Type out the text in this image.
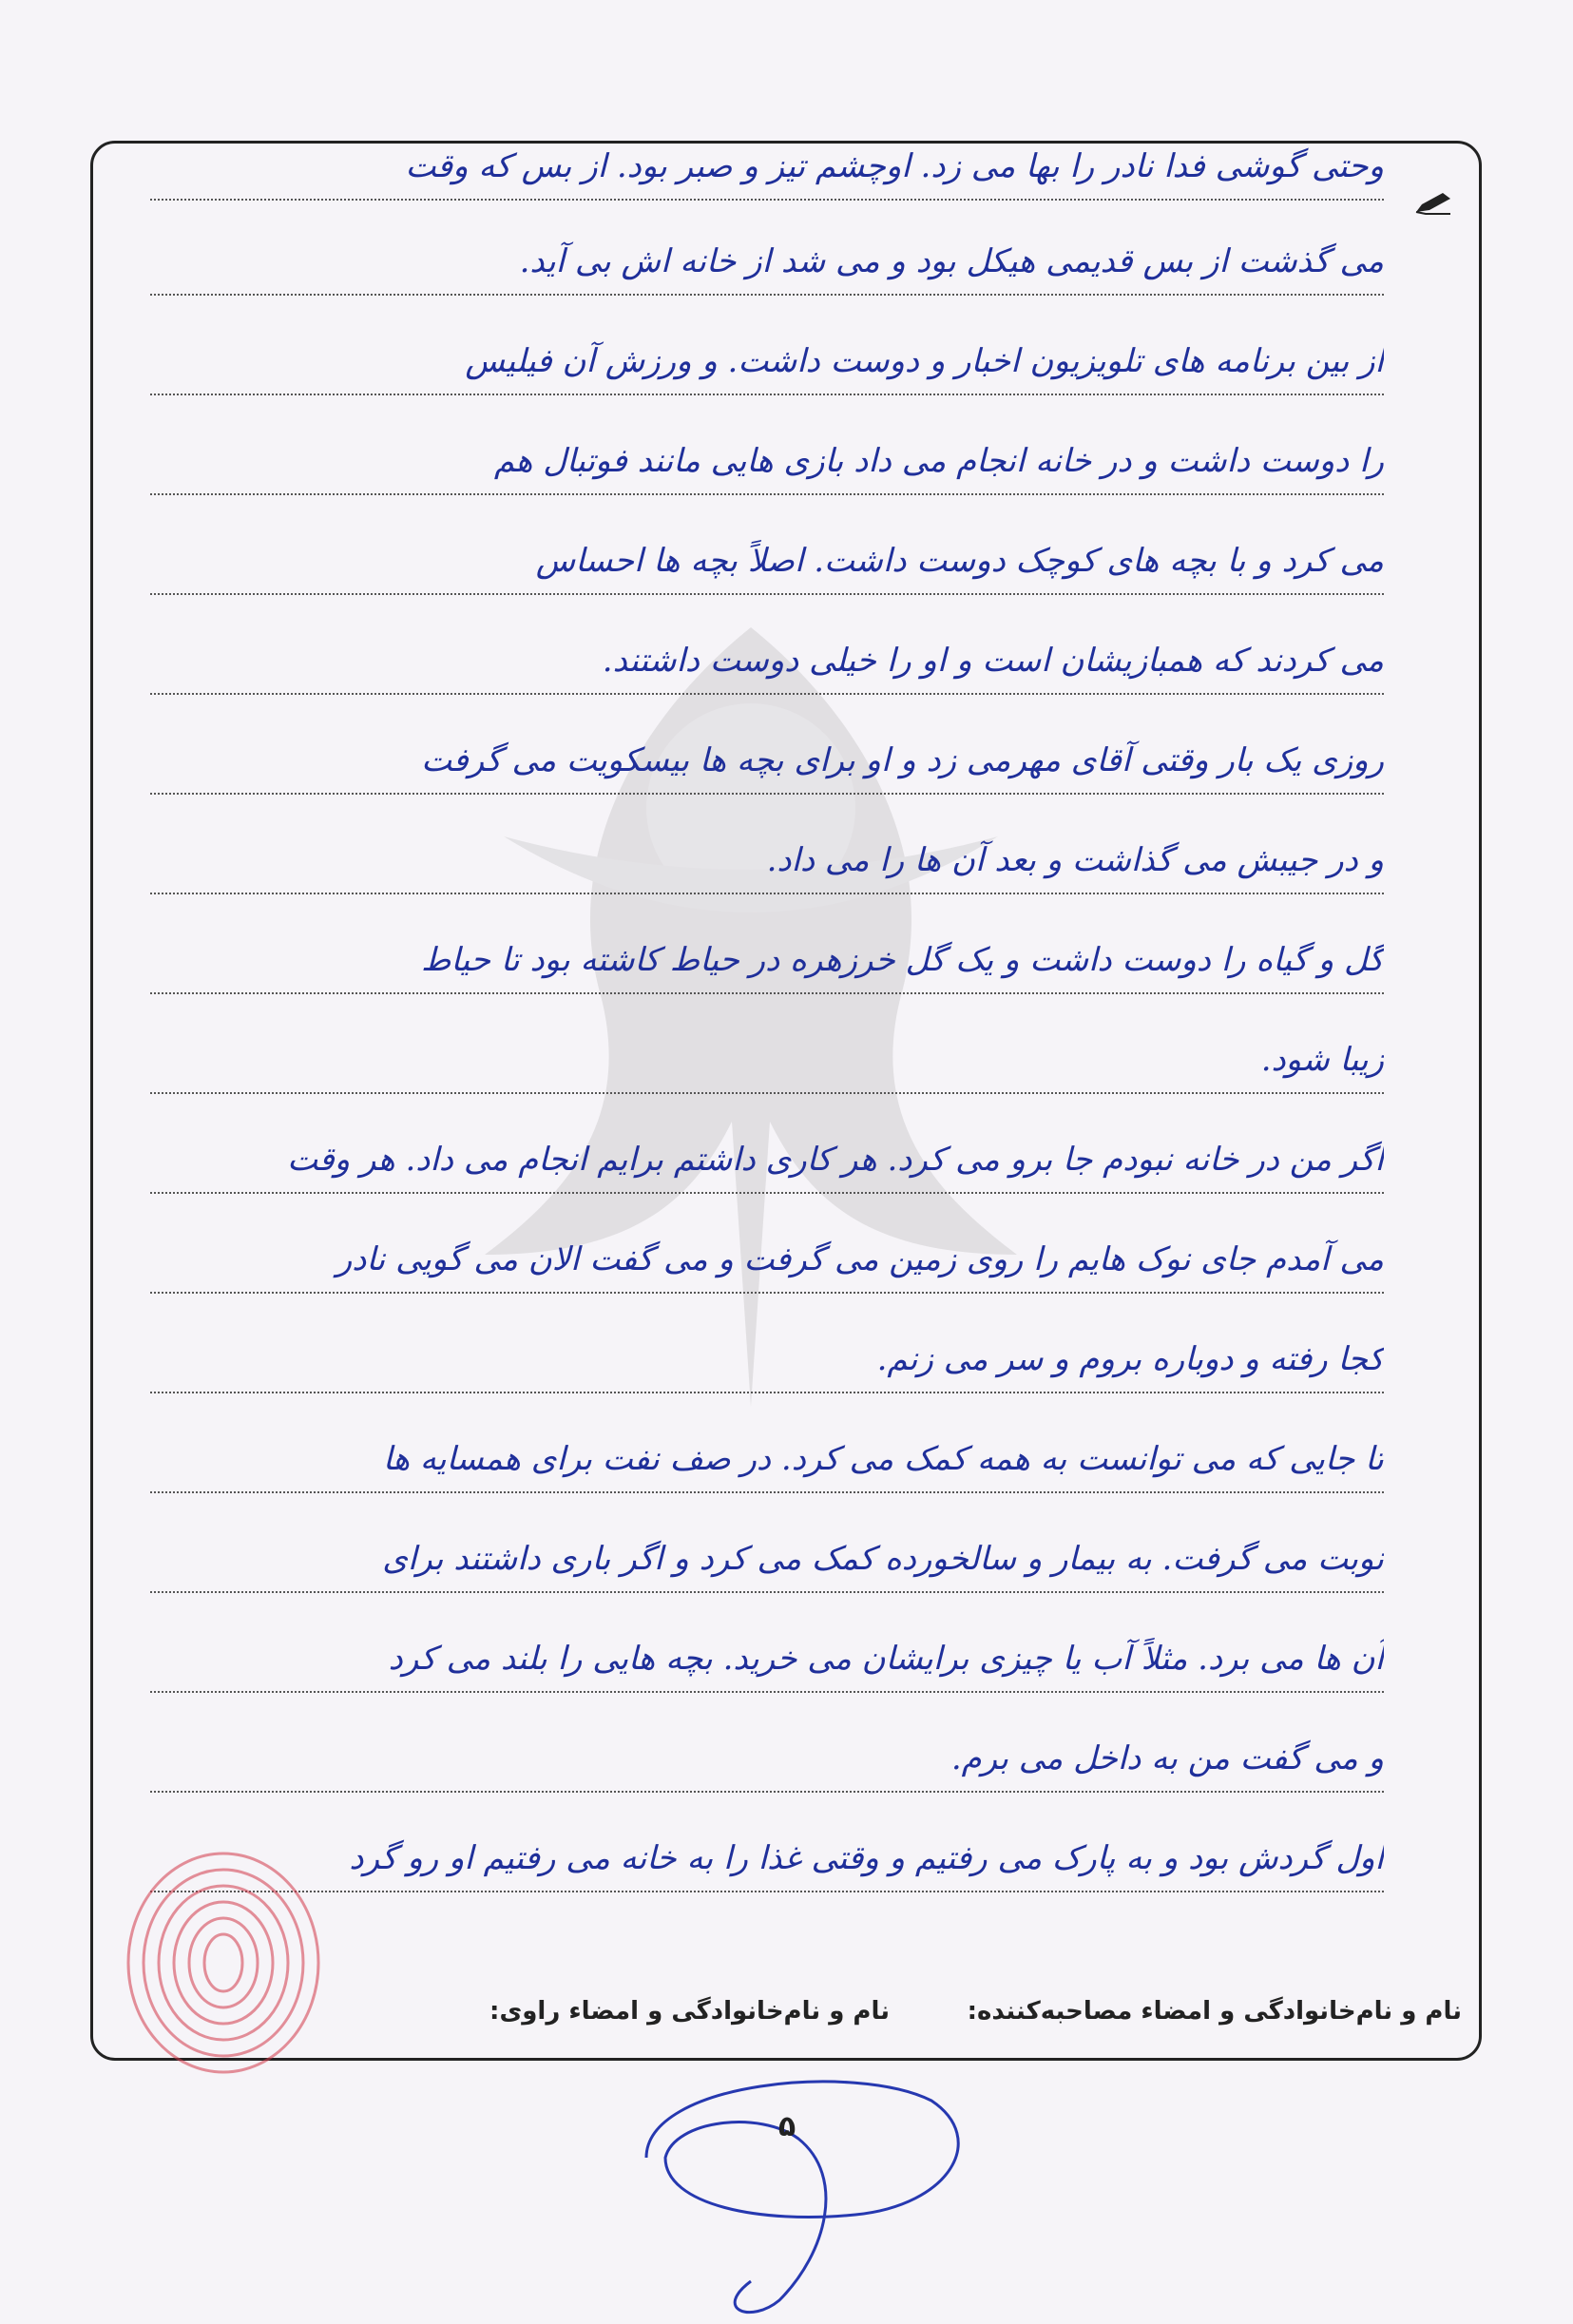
وحتی گوشی فدا نادر را بها می زد. اوچشم تیز و صبر بود. از بس که وقت
می گذشت از بس قدیمی هیکل بود و می شد از خانه اش بی آید.
از بین برنامه های تلویزیون اخبار و دوست داشت. و ورزش آن فیلیس
را دوست داشت و در خانه انجام می داد بازی هایی مانند فوتبال هم
می کرد و با بچه های کوچک دوست داشت. اصلاً بچه ها احساس
می کردند که همبازیشان است و او را خیلی دوست داشتند.
روزی یک بار وقتی آقای مهرمی زد و او برای بچه ها بیسکویت می گرفت
و در جیبش می گذاشت و بعد آن ها را می داد.
گل و گیاه را دوست داشت و یک گل خرزهره در حیاط کاشته بود تا حیاط
زیبا شود.
اگر من در خانه نبودم جا برو می کرد. هر کاری داشتم برایم انجام می داد. هر وقت
می آمدم جای نوک هایم را روی زمین می گرفت و می گفت الان می گویی نادر
کجا رفته و دوباره بروم و سر می زنم.
تا جایی که می توانست به همه کمک می کرد. در صف نفت برای همسایه ها
نوبت می گرفت. به بیمار و سالخورده کمک می کرد و اگر باری داشتند برای
آن ها می برد. مثلاً آب یا چیزی برایشان می خرید. بچه هایی را بلند می کرد
و می گفت من به داخل می برم.
اول گردش بود و به پارک می رفتیم و وقتی غذا را به خانه می رفتیم او رو گرد
نام و نام‌خانوادگی و امضاء مصاحبه‌کننده:
نام و نام‌خانوادگی و امضاء راوی:
۵
